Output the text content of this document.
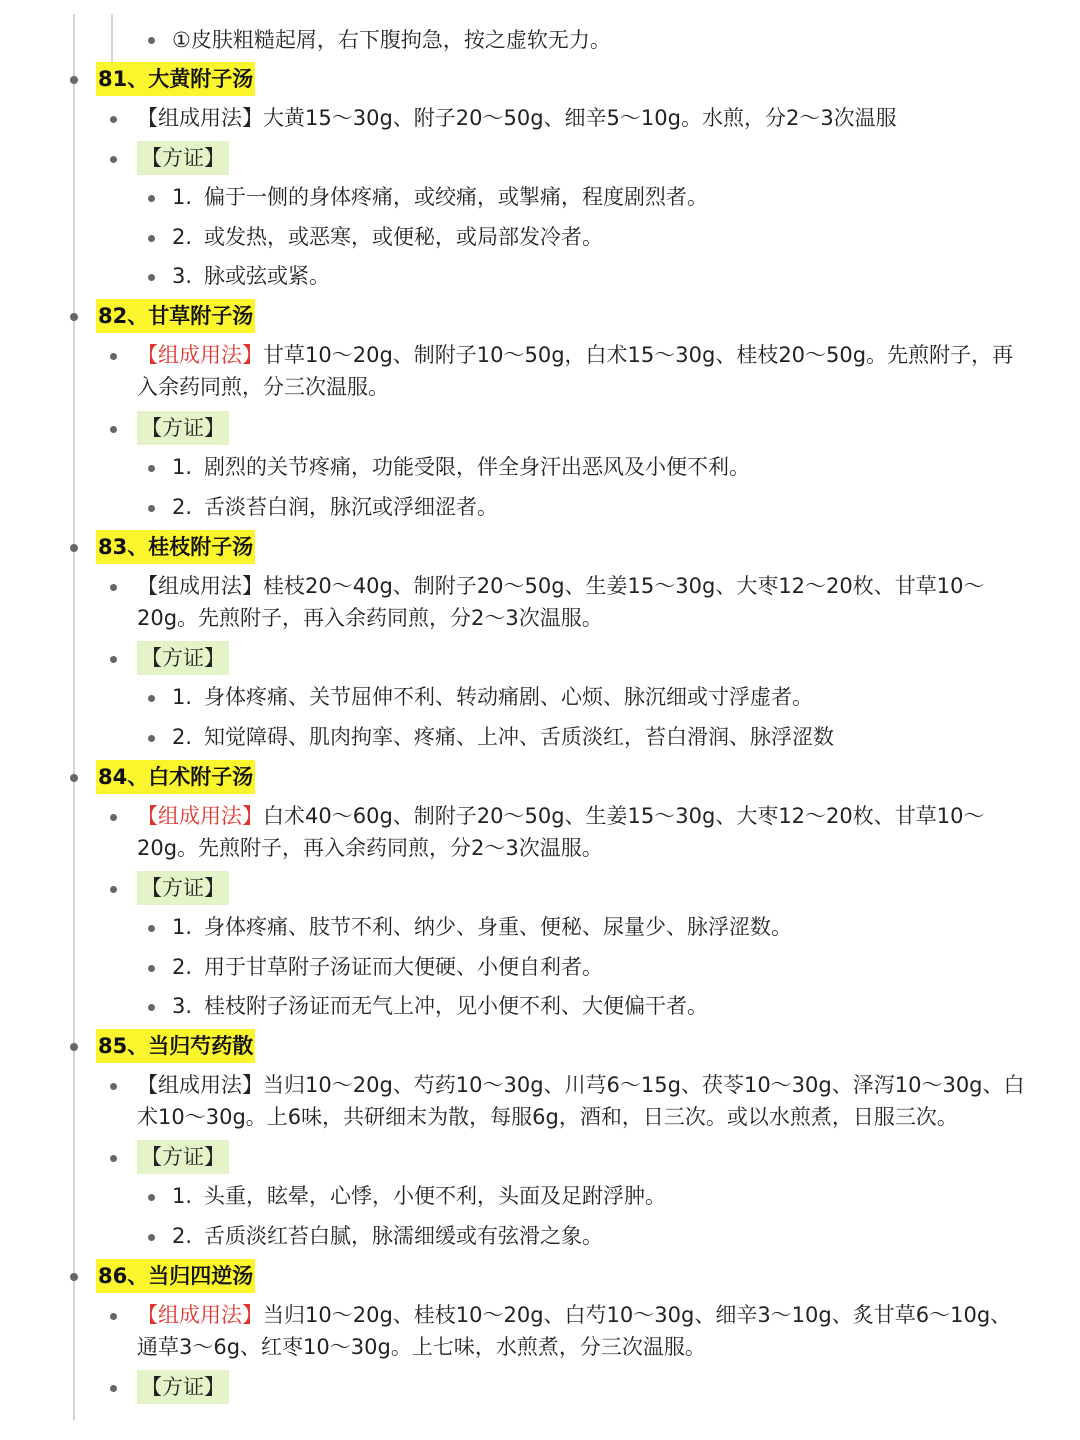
①皮肤粗糙起屑，右下腹拘急，按之虚软无力。
81、大黄附子汤
【组成用法】大黄15～30g、附子20～50g、细辛5～10g。水煎，分2～3次温服
【方证】
1. 偏于一侧的身体疼痛，或绞痛，或掣痛，程度剧烈者。
2. 或发热，或恶寒，或便秘，或局部发冷者。
3. 脉或弦或紧。
82、甘草附子汤
【组成用法】甘草10～20g、制附子10～50g，白术15～30g、桂枝20～50g。先煎附子，再入余药同煎，分三次温服。
【方证】
1. 剧烈的关节疼痛，功能受限，伴全身汗出恶风及小便不利。
2. 舌淡苔白润，脉沉或浮细涩者。
83、桂枝附子汤
【组成用法】桂枝20～40g、制附子20～50g、生姜15～30g、大枣12～20枚、甘草10～20g。先煎附子，再入余药同煎，分2～3次温服。
【方证】
1. 身体疼痛、关节屈伸不利、转动痛剧、心烦、脉沉细或寸浮虚者。
2. 知觉障碍、肌肉拘挛、疼痛、上冲、舌质淡红，苔白滑润、脉浮涩数
84、白术附子汤
【组成用法】白术40～60g、制附子20～50g、生姜15～30g、大枣12～20枚、甘草10～20g。先煎附子，再入余药同煎，分2～3次温服。
【方证】
1. 身体疼痛、肢节不利、纳少、身重、便秘、尿量少、脉浮涩数。
2. 用于甘草附子汤证而大便硬、小便自利者。
3. 桂枝附子汤证而无气上冲，见小便不利、大便偏干者。
85、当归芍药散
【组成用法】当归10～20g、芍药10～30g、川芎6～15g、茯苓10～30g、泽泻10～30g、白术10～30g。上6味，共研细末为散，每服6g，酒和，日三次。或以水煎煮，日服三次。
【方证】
1. 头重，眩晕，心悸，小便不利，头面及足跗浮肿。
2. 舌质淡红苔白腻，脉濡细缓或有弦滑之象。
86、当归四逆汤
【组成用法】当归10～20g、桂枝10～20g、白芍10～30g、细辛3～10g、炙甘草6～10g、通草3～6g、红枣10～30g。上七味，水煎煮，分三次温服。
【方证】
